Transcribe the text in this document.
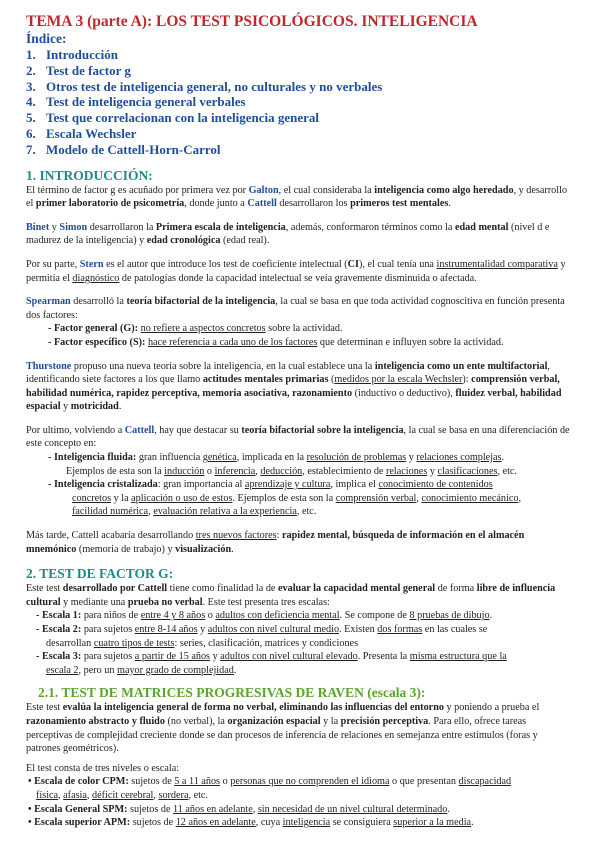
TEMA 3 (parte A): LOS TEST PSICOLÓGICOS. INTELIGENCIA
Índice:
1. Introducción
2. Test de factor g
3. Otros test de inteligencia general, no culturales y no verbales
4. Test de inteligencia general verbales
5. Test que correlacionan con la inteligencia general
6. Escala Wechsler
7. Modelo de Cattell-Horn-Carrol
1. INTRODUCCIÓN:

El término de factor g es acuñado por primera vez por Galton, el cual consideraba la inteligencia como algo heredado, y desarrollo el primer laboratorio de psicometría, donde junto a Cattell desarrollaron los primeros test mentales.

Binet y Simon desarrollaron la Primera escala de inteligencia, además, conformaron términos como la edad mental (nivel d e madurez de la inteligencia) y edad cronológica (edad real).

Por su parte, Stern es el autor que introduce los test de coeficiente intelectual (CI), el cual tenía una instrumentalidad comparativa y permitía el diagnóstico de patologías donde la capacidad intelectual se veía gravemente disminuida o afectada.

Spearman desarrolló la teoría bifactorial de la inteligencia, la cual se basa en que toda actividad cognoscitiva en función presenta dos factores:

- Factor general (G): no refiere a aspectos concretos sobre la actividad.

- Factor específico (S): hace referencia a cada uno de los factores que determinan e influyen sobre la actividad.

Thurstone propuso una nueva teoría sobre la inteligencia, en la cual establece una la inteligencia como un ente multifactorial, identificando siete factores a los que llamo actitudes mentales primarias (medidos por la escala Wechsler): comprensión verbal, habilidad numérica, rapidez perceptiva, memoria asociativa, razonamiento (inductivo o deductivo), fluidez verbal, habilidad espacial y motricidad.

Por ultimo, volviendo a Cattell, hay que destacar su teoría bifactorial sobre la inteligencia, la cual se basa en una diferenciación de este concepto en:

- Inteligencia fluida: gran influencia genética, implicada en la resolución de problemas y relaciones complejas.

Ejemplos de esta son la inducción o inferencia, deducción, establecimiento de relaciones y clasificaciones, etc.

- Inteligencia cristalizada: gran importancia al aprendizaje y cultura, implica el conocimiento de contenidos

concretos y la aplicación o uso de estos. Ejemplos de esta son la comprensión verbal, conocimiento mecánico,

facilidad numérica, evaluación relativa a la experiencia, etc.

Más tarde, Cattell acabaría desarrollando tres nuevos factores: rapidez mental, búsqueda de información en el almacén mnemónico (memoria de trabajo) y visualización.

2. TEST DE FACTOR G:

Este test desarrollado por Cattell tiene como finalidad la de evaluar la capacidad mental general de forma libre de influencia cultural y mediante una prueba no verbal. Este test presenta tres escalas:

- Escala 1: para niños de entre 4 y 8 años o adultos con deficiencia mental. Se compone de 8 pruebas de dibujo.

- Escala 2: para sujetos entre 8-14 años y adultos con nivel cultural medio. Existen dos formas en las cuales se

desarrollan cuatro tipos de tests: series, clasificación, matrices y condiciones

- Escala 3: para sujetos a partir de 15 años y adultos con nivel cultural elevado. Presenta la misma estructura que la

escala 2, pero un mayor grado de complejidad.

2.1. TEST DE MATRICES PROGRESIVAS DE RAVEN (escala 3):

Este test evalúa la inteligencia general de forma no verbal, eliminando las influencias del entorno y poniendo a prueba el razonamiento abstracto y fluido (no verbal), la organización espacial y la precisión perceptiva. Para ello, ofrece tareas perceptivas de complejidad creciente donde se dan procesos de inferencia de relaciones en semejanza entre estímulos (foras y patrones geométricos).

El test consta de tres niveles o escala:

• Escala de color CPM: sujetos de 5 a 11 años o personas que no comprenden el idioma o que presentan discapacidad

física, afasia, déficit cerebral, sordera, etc.

• Escala General SPM: sujetos de 11 años en adelante, sin necesidad de un nivel cultural determinado.

• Escala superior APM: sujetos de 12 años en adelante, cuya inteligencia se consiguiera superior a la media.
